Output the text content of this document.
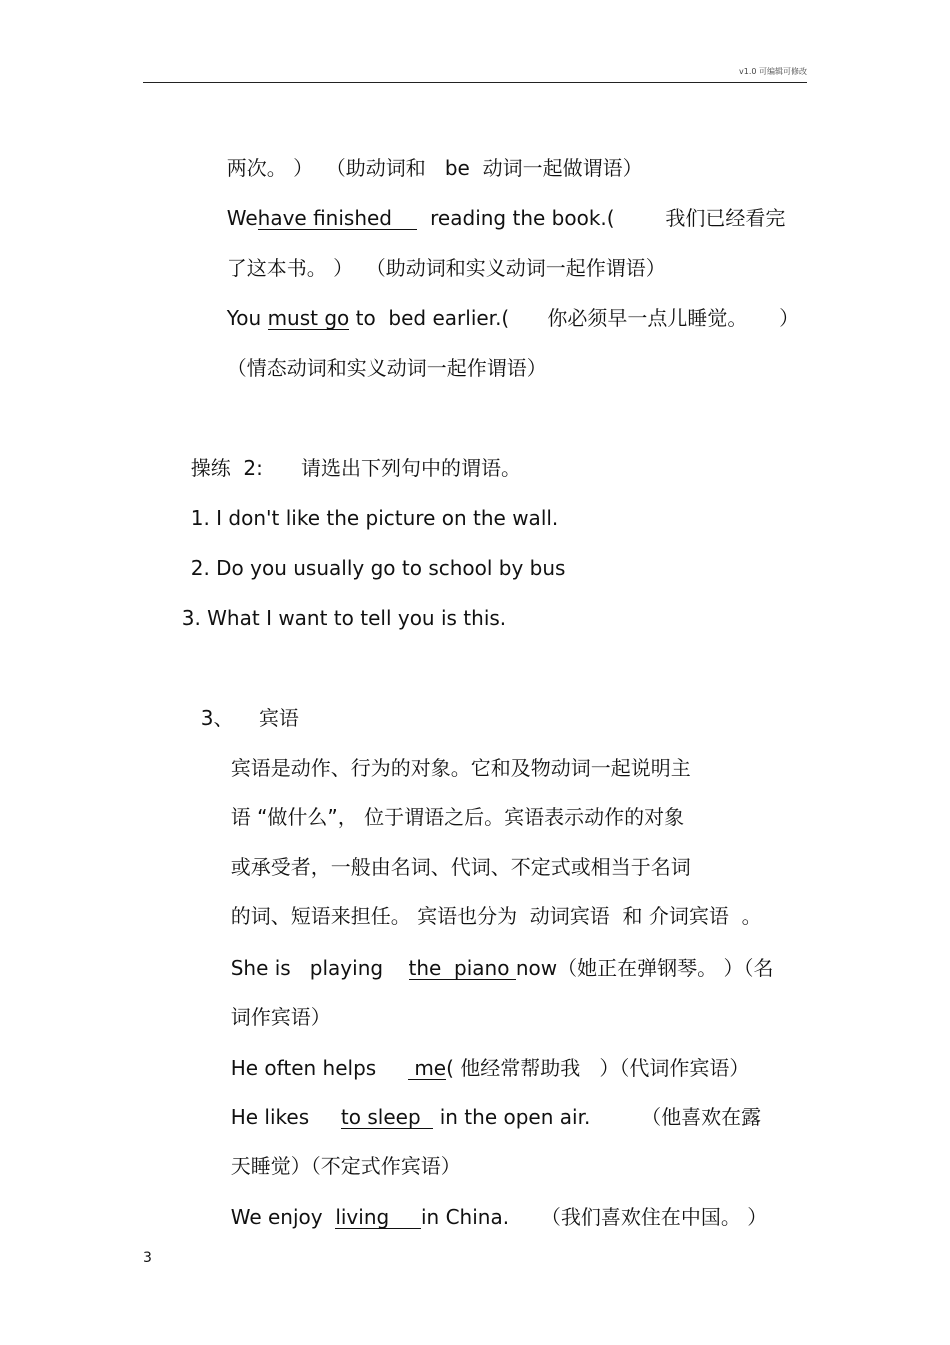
v1.0 可编辑可修改

两次。 ）  （助动词和   be  动词一起做谓语）

Wehave finished      reading the book.(        我们已经看完

了这本书。 ）  （助动词和实义动词一起作谓语）

You must go to  bed earlier.(      你必须早一点儿睡觉。     ）

（情态动词和实义动词一起作谓语）

操练  2:      请选出下列句中的谓语。

1. I don't like the picture on the wall.

2. Do you usually go to school by bus

3. What I want to tell you is this.

3、    宾语

宾语是动作、行为的对象。它和及物动词一起说明主

语 “做什么”， 位于谓语之后。宾语表示动作的对象

或承受者，一般由名词、代词、不定式或相当于名词

的词、短语来担任。 宾语也分为  动词宾语  和 介词宾语  。

She is   playing    the  piano now（她正在弹钢琴。 ）（名

词作宾语）

He often helps      me( 他经常帮助我   ）（代词作宾语）

He likes     to sleep   in the open air.        （他喜欢在露

天睡觉）（不定式作宾语）

We enjoy  living     in China.     （我们喜欢住在中国。 ）

3
